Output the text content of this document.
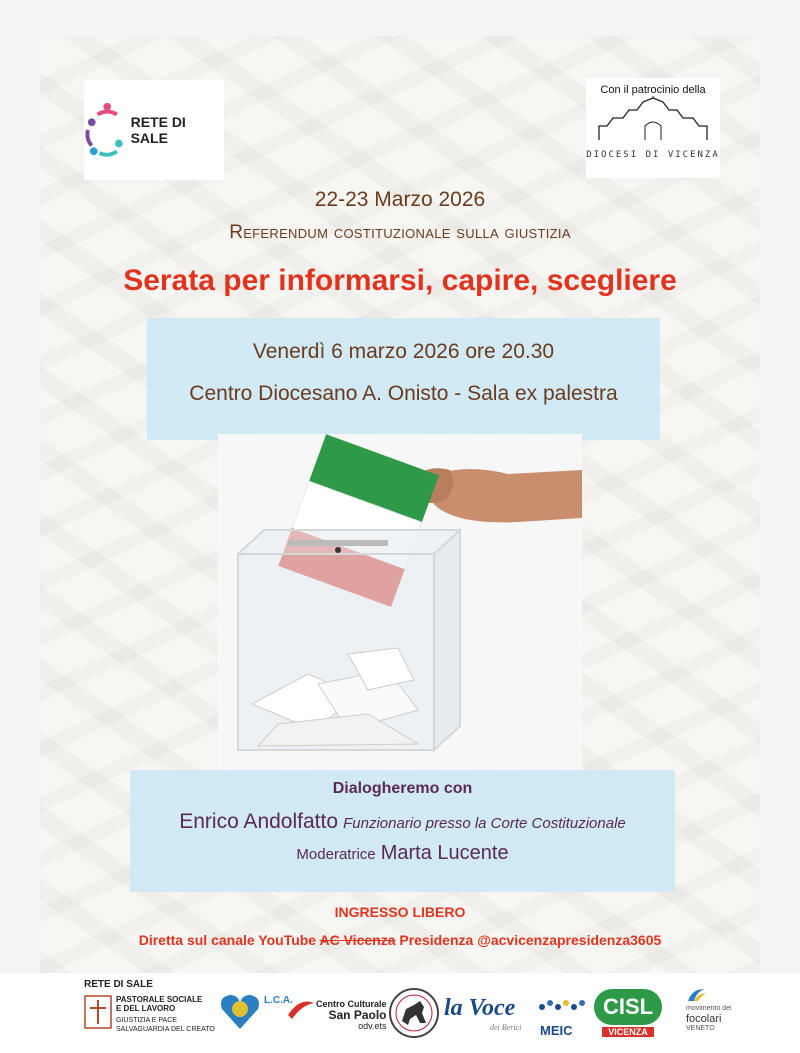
RETE DI SALE
Con il patrocinio della
DIOCESI DI VICENZA
22-23 Marzo 2026
Referendum costituzionale sulla giustizia
Serata per informarsi, capire, scegliere
Venerdì 6 marzo 2026 ore 20.30
Centro Diocesano A. Onisto - Sala ex palestra
Dialogheremo con
Enrico Andolfatto Funzionario presso la Corte Costituzionale
Moderatrice Marta Lucente
INGRESSO LIBERO
Diretta sul canale YouTube AC Vicenza Presidenza @acvicenzapresidenza3605
RETE DI SALE
PASTORALE SOCIALE
E DEL LAVORO
GIUSTIZIA E PACE
SALVAGUARDIA DEL CREATO
L.C.A.	Centro Culturale
San Paolo
odv.ets
la Voce
dei Berici MEIC
CISL
VICENZA
movimento dei
focolari
VENETO
